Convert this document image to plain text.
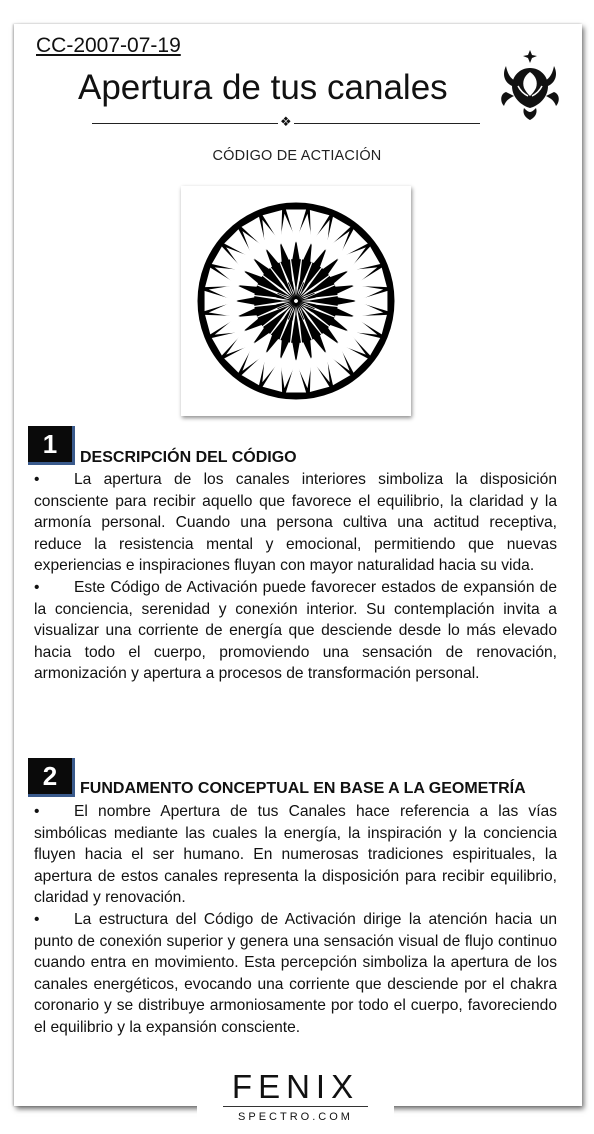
CC-2007-07-19
Apertura de tus canales
❖
CÓDIGO DE ACTIACIÓN
1	DESCRIPCIÓN DEL CÓDIGO

• La apertura de los canales interiores simboliza la disposición consciente para recibir aquello que favorece el equilibrio, la claridad y la armonía personal. Cuando una persona cultiva una actitud receptiva, reduce la resistencia mental y emocional, permitiendo que nuevas experiencias e inspiraciones fluyan con mayor naturalidad hacia su vida.

• Este Código de Activación puede favorecer estados de expansión de la conciencia, serenidad y conexión interior. Su contemplación invita a visualizar una corriente de energía que desciende desde lo más elevado hacia todo el cuerpo, promoviendo una sensación de renovación, armonización y apertura a procesos de transformación personal.

2	FUNDAMENTO CONCEPTUAL EN BASE A LA GEOMETRÍA

• El nombre Apertura de tus Canales hace referencia a las vías simbólicas mediante las cuales la energía, la inspiración y la conciencia fluyen hacia el ser humano. En numerosas tradiciones espirituales, la apertura de estos canales representa la disposición para recibir equilibrio, claridad y renovación.

• La estructura del Código de Activación dirige la atención hacia un punto de conexión superior y genera una sensación visual de flujo continuo cuando entra en movimiento. Esta percepción simboliza la apertura de los canales energéticos, evocando una corriente que desciende por el chakra coronario y se distribuye armoniosamente por todo el cuerpo, favoreciendo el equilibrio y la expansión consciente.

FENIX
SPECTRO.COM
